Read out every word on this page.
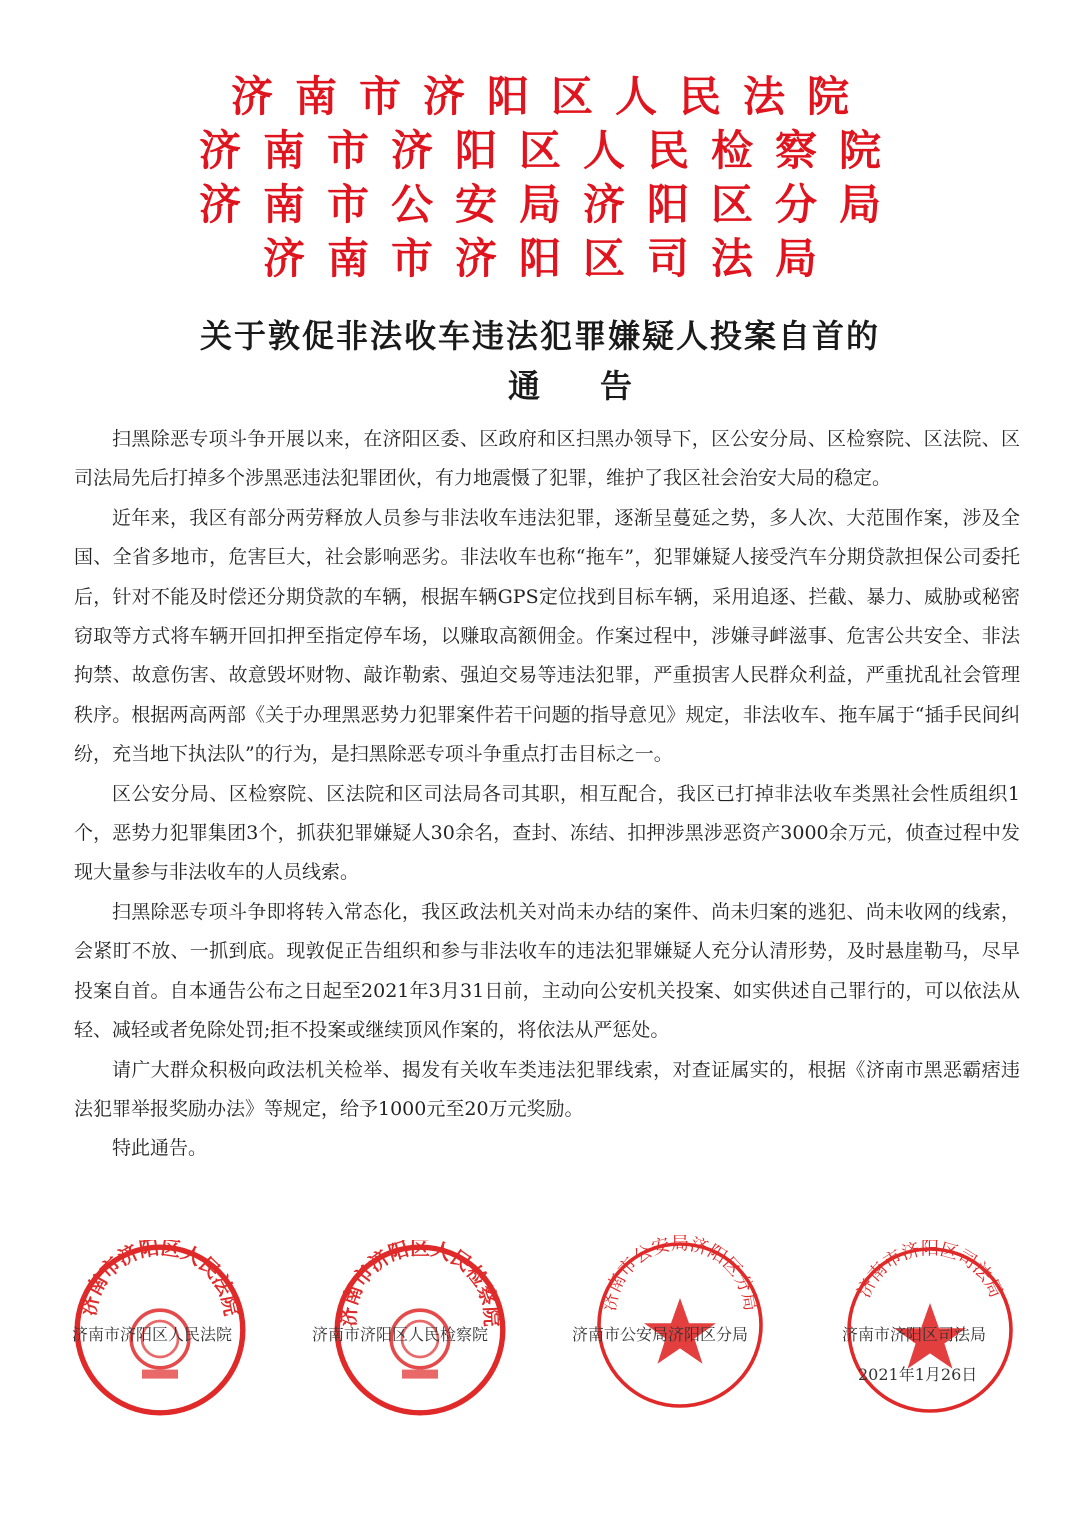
济南市济阳区人民法院
济南市济阳区人民检察院
济南市公安局济阳区分局
济南市济阳区司法局
关于敦促非法收车违法犯罪嫌疑人投案自首的
通告

扫黑除恶专项斗争开展以来，在济阳区委、区政府和区扫黑办领导下，区公安分局、区检察院、区法院、区司法局先后打掉多个涉黑恶违法犯罪团伙，有力地震慑了犯罪，维护了我区社会治安大局的稳定。

近年来，我区有部分两劳释放人员参与非法收车违法犯罪，逐渐呈蔓延之势，多人次、大范围作案，涉及全国、全省多地市，危害巨大，社会影响恶劣。非法收车也称“拖车”，犯罪嫌疑人接受汽车分期贷款担保公司委托后，针对不能及时偿还分期贷款的车辆，根据车辆GPS定位找到目标车辆，采用追逐、拦截、暴力、威胁或秘密窃取等方式将车辆开回扣押至指定停车场，以赚取高额佣金。作案过程中，涉嫌寻衅滋事、危害公共安全、非法拘禁、故意伤害、故意毁坏财物、敲诈勒索、强迫交易等违法犯罪，严重损害人民群众利益，严重扰乱社会管理秩序。根据两高两部《关于办理黑恶势力犯罪案件若干问题的指导意见》规定，非法收车、拖车属于“插手民间纠纷，充当地下执法队”的行为，是扫黑除恶专项斗争重点打击目标之一。

区公安分局、区检察院、区法院和区司法局各司其职，相互配合，我区已打掉非法收车类黑社会性质组织1个，恶势力犯罪集团3个，抓获犯罪嫌疑人30余名，查封、冻结、扣押涉黑涉恶资产3000余万元，侦查过程中发现大量参与非法收车的人员线索。

扫黑除恶专项斗争即将转入常态化，我区政法机关对尚未办结的案件、尚未归案的逃犯、尚未收网的线索，会紧盯不放、一抓到底。现敦促正告组织和参与非法收车的违法犯罪嫌疑人充分认清形势，及时悬崖勒马，尽早投案自首。自本通告公布之日起至2021年3月31日前，主动向公安机关投案、如实供述自己罪行的，可以依法从轻、减轻或者免除处罚;拒不投案或继续顶风作案的，将依法从严惩处。

请广大群众积极向政法机关检举、揭发有关收车类违法犯罪线索，对查证属实的，根据《济南市黑恶霸痞违法犯罪举报奖励办法》等规定，给予1000元至20万元奖励。

特此通告。

济南市济阳区人民法院	济南市济阳区人民检察院
济南市公安局济阳区分局
济南市济阳区司法局
济南市济阳区人民法院	济南市济阳区人民检察院	济南市公安局济阳区分局	济南市济阳区司法局
2021年1月26日
